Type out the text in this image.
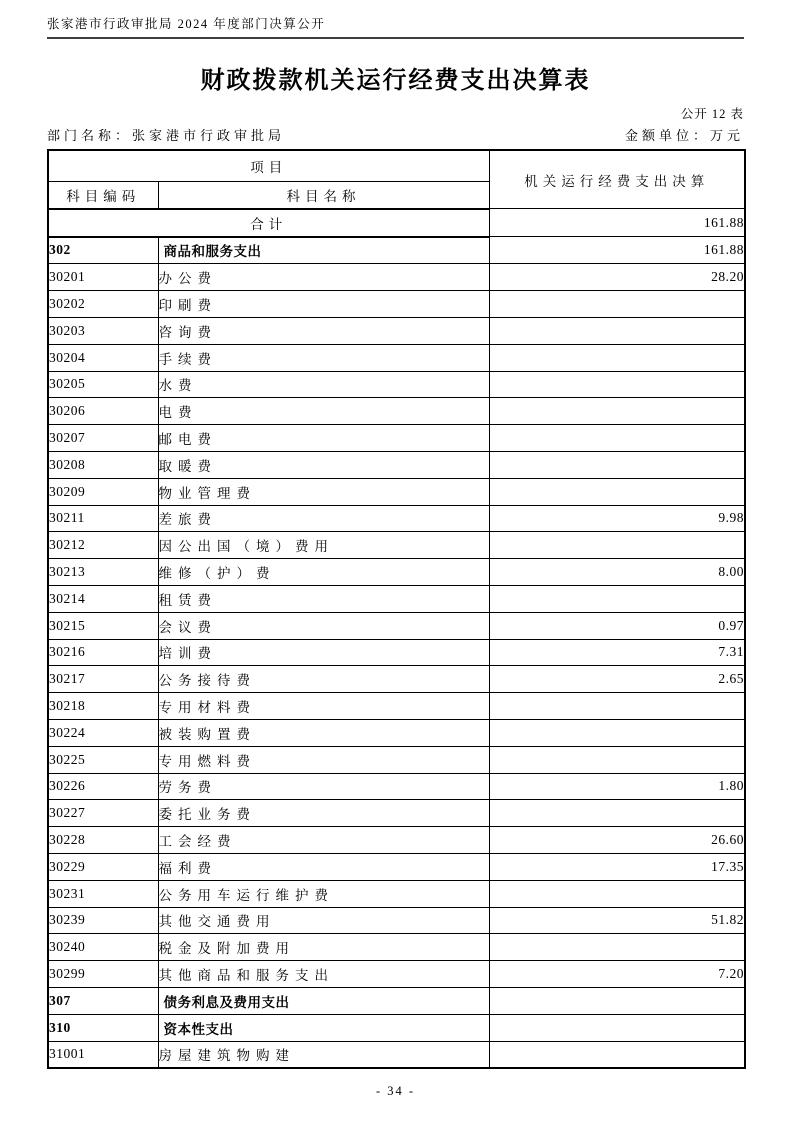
张家港市行政审批局 2024 年度部门决算公开
财政拨款机关运行经费支出决算表
公开 12 表
部门名称：张家港市行政审批局	金额单位：万元
项目		机关运行经费支出决算
科目编码	科目名称	
合计		161.88
302	商品和服务支出	161.88
30201	办公费	28.20
30202	印刷费	
30203	咨询费	
30204	手续费	
30205	水费	
30206	电费	
30207	邮电费	
30208	取暖费	
30209	物业管理费	
30211	差旅费	9.98
30212	因公出国（境）费用	
30213	维修（护）费	8.00
30214	租赁费	
30215	会议费	0.97
30216	培训费	7.31
30217	公务接待费	2.65
30218	专用材料费	
30224	被装购置费	
30225	专用燃料费	
30226	劳务费	1.80
30227	委托业务费	
30228	工会经费	26.60
30229	福利费	17.35
30231	公务用车运行维护费	
30239	其他交通费用	51.82
30240	税金及附加费用	
30299	其他商品和服务支出	7.20
307	债务利息及费用支出	
310	资本性支出	
31001	房屋建筑物购建	
- 34 -
